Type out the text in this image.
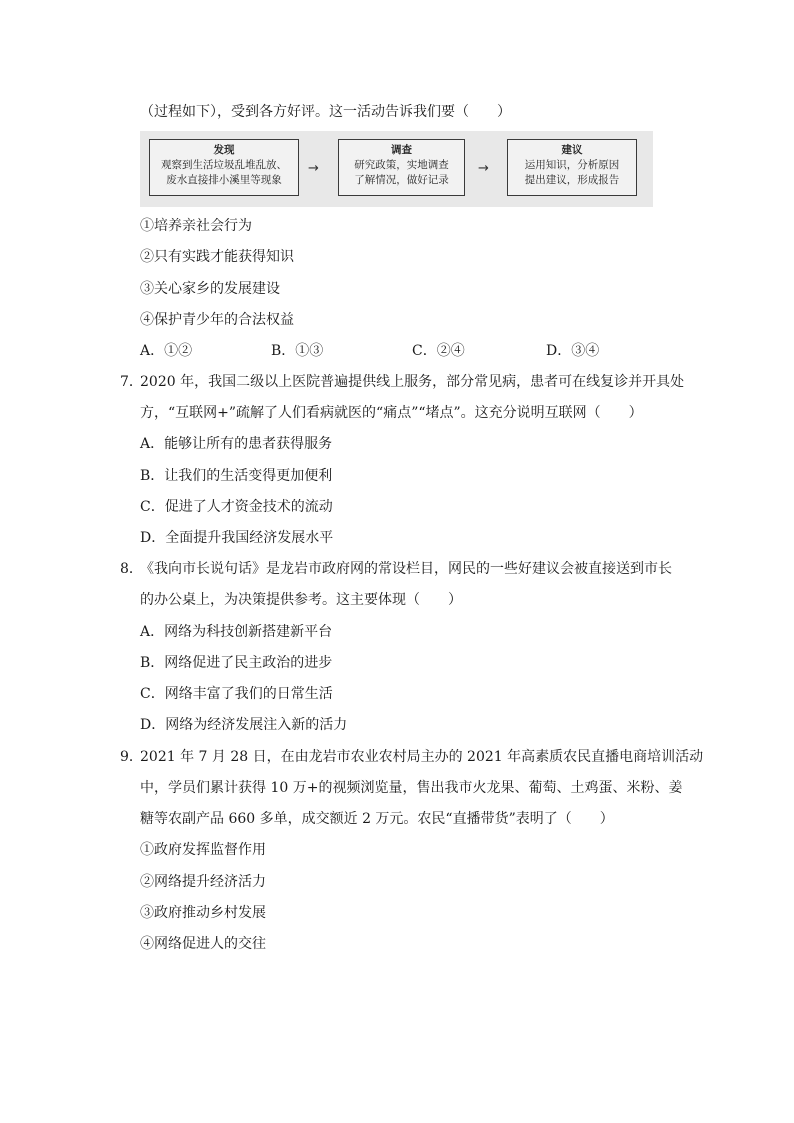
（过程如下），受到各方好评。这一活动告诉我们要（　　）
发现
观察到生活垃圾乱堆乱放、
废水直接排小溪里等现象
→
调查
研究政策，实地调查
了解情况，做好记录
→
建议
运用知识，分析原因
提出建议，形成报告
①培养亲社会行为
②只有实践才能获得知识
③关心家乡的发展建设
④保护青少年的合法权益
A．①②	B．①③	C．②④	D．③④
7．
2020 年，我国二级以上医院普遍提供线上服务，部分常见病，患者可在线复诊并开具处
方，“互联网+”疏解了人们看病就医的“痛点”“堵点”。这充分说明互联网（　　）
A．能够让所有的患者获得服务
B．让我们的生活变得更加便利
C．促进了人才资金技术的流动
D．全面提升我国经济发展水平
8．
《我向市长说句话》是龙岩市政府网的常设栏目，网民的一些好建议会被直接送到市长
的办公桌上，为决策提供参考。这主要体现（　　）
A．网络为科技创新搭建新平台
B．网络促进了民主政治的进步
C．网络丰富了我们的日常生活
D．网络为经济发展注入新的活力
9．
2021 年 7 月 28 日，在由龙岩市农业农村局主办的 2021 年高素质农民直播电商培训活动
中，学员们累计获得 10 万+的视频浏览量，售出我市火龙果、葡萄、土鸡蛋、米粉、姜
糖等农副产品 660 多单，成交额近 2 万元。农民“直播带货”表明了（　　）
①政府发挥监督作用
②网络提升经济活力
③政府推动乡村发展
④网络促进人的交往
